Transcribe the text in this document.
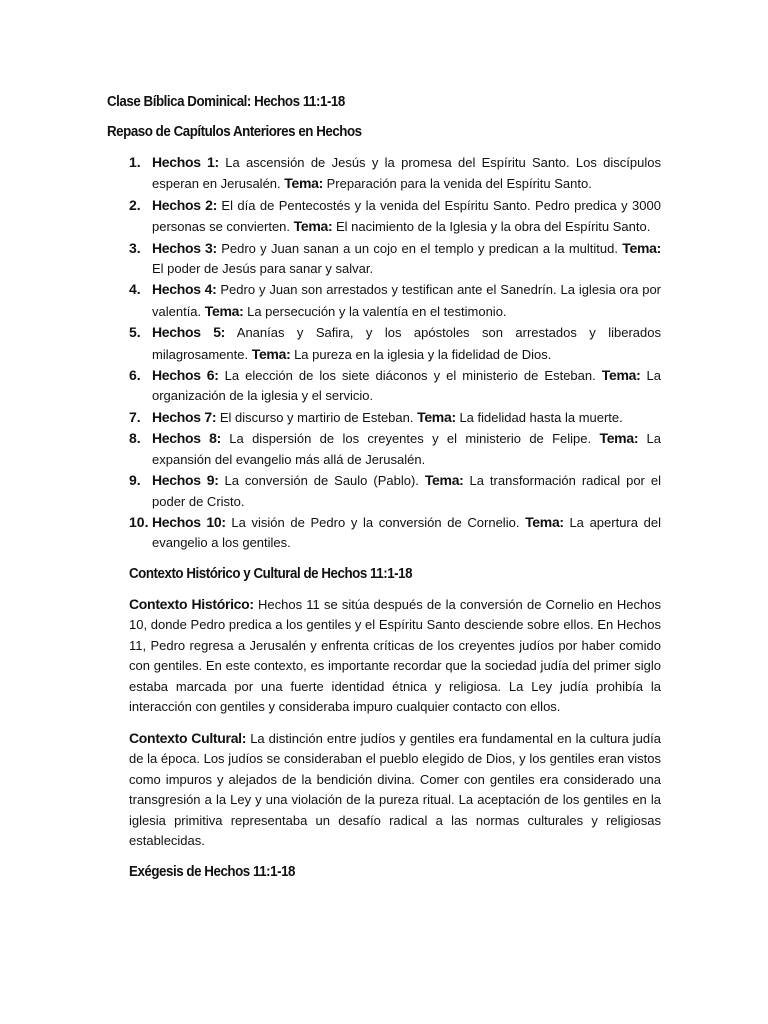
Clase Bíblica Dominical: Hechos 11:1-18

Repaso de Capítulos Anteriores en Hechos

1. Hechos 1: La ascensión de Jesús y la promesa del Espíritu Santo. Los discípulos esperan en Jerusalén. Tema: Preparación para la venida del Espíritu Santo.
2. Hechos 2: El día de Pentecostés y la venida del Espíritu Santo. Pedro predica y 3000 personas se convierten. Tema: El nacimiento de la Iglesia y la obra del Espíritu Santo.
3. Hechos 3: Pedro y Juan sanan a un cojo en el templo y predican a la multitud. Tema: El poder de Jesús para sanar y salvar.
4. Hechos 4: Pedro y Juan son arrestados y testifican ante el Sanedrín. La iglesia ora por valentía. Tema: La persecución y la valentía en el testimonio.
5. Hechos 5: Ananías y Safira, y los apóstoles son arrestados y liberados milagrosamente. Tema: La pureza en la iglesia y la fidelidad de Dios.
6. Hechos 6: La elección de los siete diáconos y el ministerio de Esteban. Tema: La organización de la iglesia y el servicio.
7. Hechos 7: El discurso y martirio de Esteban. Tema: La fidelidad hasta la muerte.
8. Hechos 8: La dispersión de los creyentes y el ministerio de Felipe. Tema: La expansión del evangelio más allá de Jerusalén.
9. Hechos 9: La conversión de Saulo (Pablo). Tema: La transformación radical por el poder de Cristo.
10. Hechos 10: La visión de Pedro y la conversión de Cornelio. Tema: La apertura del evangelio a los gentiles.

Contexto Histórico y Cultural de Hechos 11:1-18

Contexto Histórico: Hechos 11 se sitúa después de la conversión de Cornelio en Hechos 10, donde Pedro predica a los gentiles y el Espíritu Santo desciende sobre ellos. En Hechos 11, Pedro regresa a Jerusalén y enfrenta críticas de los creyentes judíos por haber comido con gentiles. En este contexto, es importante recordar que la sociedad judía del primer siglo estaba marcada por una fuerte identidad étnica y religiosa. La Ley judía prohibía la interacción con gentiles y consideraba impuro cualquier contacto con ellos.

Contexto Cultural: La distinción entre judíos y gentiles era fundamental en la cultura judía de la época. Los judíos se consideraban el pueblo elegido de Dios, y los gentiles eran vistos como impuros y alejados de la bendición divina. Comer con gentiles era considerado una transgresión a la Ley y una violación de la pureza ritual. La aceptación de los gentiles en la iglesia primitiva representaba un desafío radical a las normas culturales y religiosas establecidas.

Exégesis de Hechos 11:1-18
